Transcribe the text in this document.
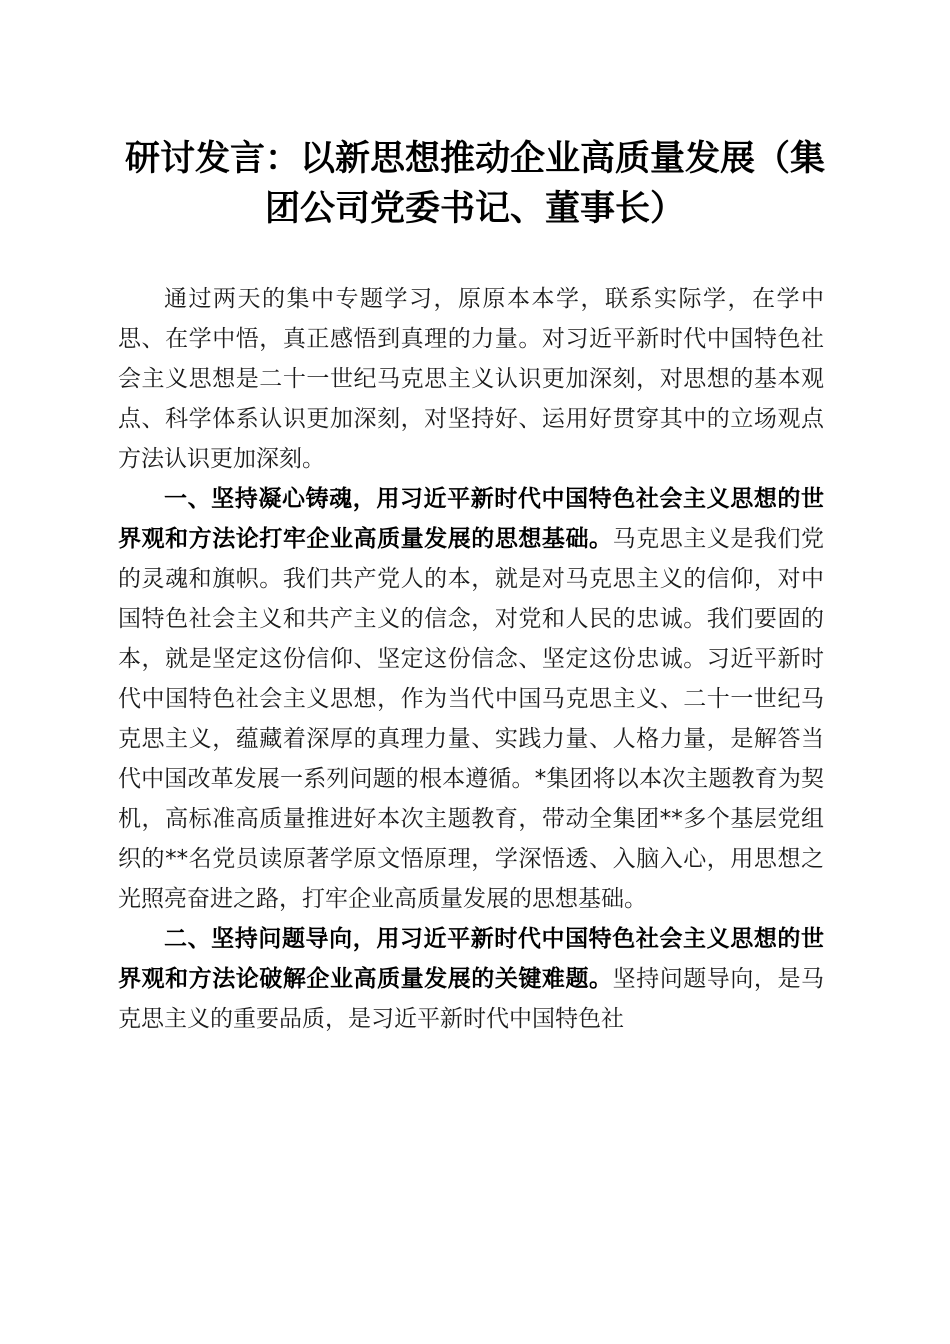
研讨发言：以新思想推动企业高质量发展（集团公司党委书记、董事长）

通过两天的集中专题学习，原原本本学，联系实际学，在学中思、在学中悟，真正感悟到真理的力量。对习近平新时代中国特色社会主义思想是二十一世纪马克思主义认识更加深刻，对思想的基本观点、科学体系认识更加深刻，对坚持好、运用好贯穿其中的立场观点方法认识更加深刻。

一、坚持凝心铸魂，用习近平新时代中国特色社会主义思想的世界观和方法论打牢企业高质量发展的思想基础。马克思主义是我们党的灵魂和旗帜。我们共产党人的本，就是对马克思主义的信仰，对中国特色社会主义和共产主义的信念，对党和人民的忠诚。我们要固的本，就是坚定这份信仰、坚定这份信念、坚定这份忠诚。习近平新时代中国特色社会主义思想，作为当代中国马克思主义、二十一世纪马克思主义，蕴藏着深厚的真理力量、实践力量、人格力量，是解答当代中国改革发展一系列问题的根本遵循。*集团将以本次主题教育为契机，高标准高质量推进好本次主题教育，带动全集团**多个基层党组织的**名党员读原著学原文悟原理，学深悟透、入脑入心，用思想之光照亮奋进之路，打牢企业高质量发展的思想基础。

二、坚持问题导向，用习近平新时代中国特色社会主义思想的世界观和方法论破解企业高质量发展的关键难题。坚持问题导向，是马克思主义的重要品质，是习近平新时代中国特色社
